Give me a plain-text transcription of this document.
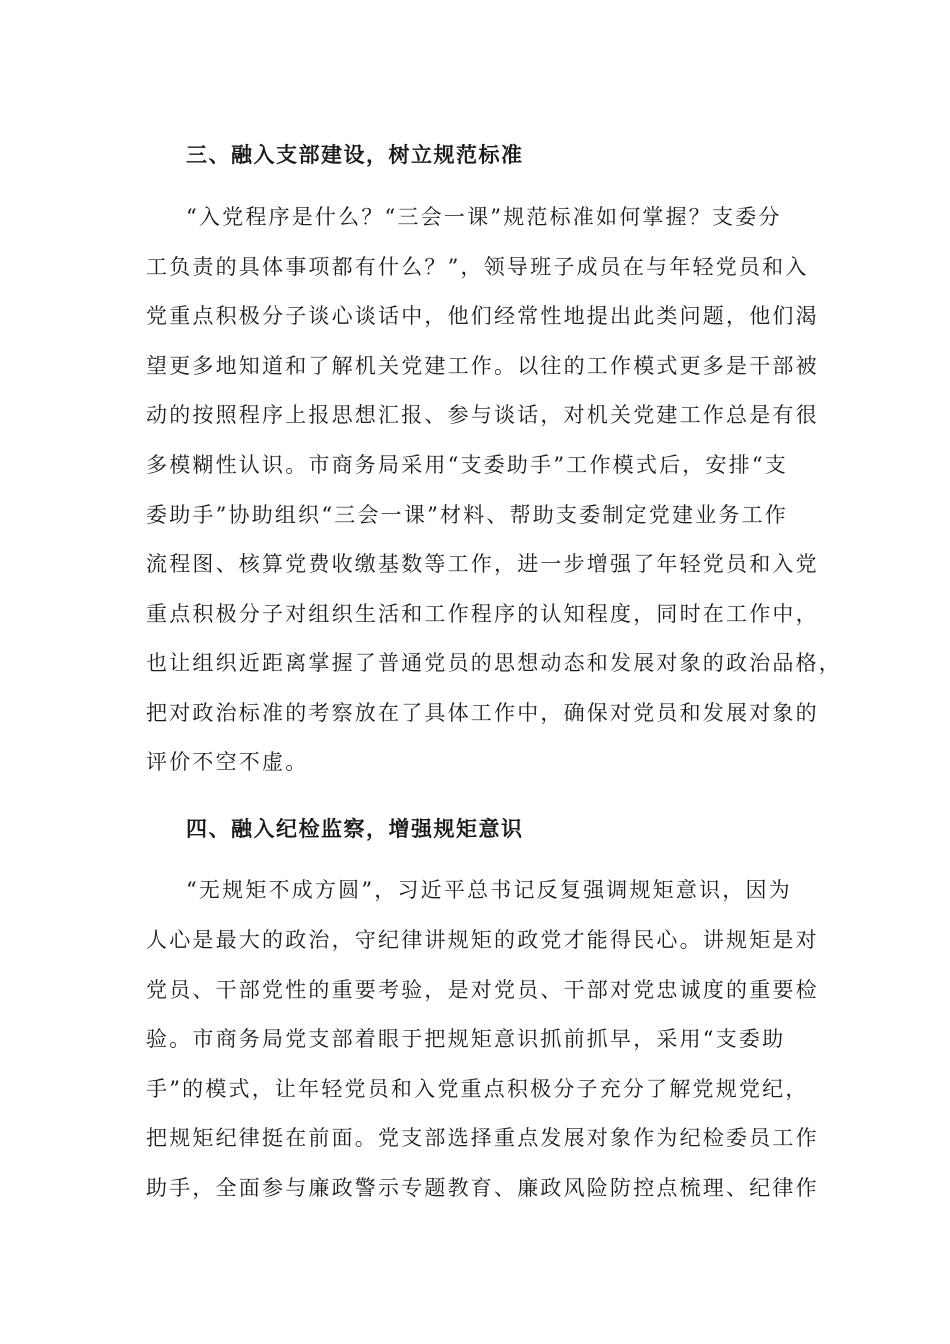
三、融入支部建设，树立规范标准
“入党程序是什么？“三会一课”规范标准如何掌握？支委分
工负责的具体事项都有什么？”，领导班子成员在与年轻党员和入
党重点积极分子谈心谈话中，他们经常性地提出此类问题，他们渴
望更多地知道和了解机关党建工作。以往的工作模式更多是干部被
动的按照程序上报思想汇报、参与谈话，对机关党建工作总是有很
多模糊性认识。市商务局采用“支委助手”工作模式后，安排“支
委助手”协助组织“三会一课”材料、帮助支委制定党建业务工作
流程图、核算党费收缴基数等工作，进一步增强了年轻党员和入党
重点积极分子对组织生活和工作程序的认知程度，同时在工作中，
也让组织近距离掌握了普通党员的思想动态和发展对象的政治品格，
把对政治标准的考察放在了具体工作中，确保对党员和发展对象的
评价不空不虚。
四、融入纪检监察，增强规矩意识
“无规矩不成方圆”，习近平总书记反复强调规矩意识，因为
人心是最大的政治，守纪律讲规矩的政党才能得民心。讲规矩是对
党员、干部党性的重要考验，是对党员、干部对党忠诚度的重要检
验。市商务局党支部着眼于把规矩意识抓前抓早，采用“支委助
手”的模式，让年轻党员和入党重点积极分子充分了解党规党纪，
把规矩纪律挺在前面。党支部选择重点发展对象作为纪检委员工作
助手，全面参与廉政警示专题教育、廉政风险防控点梳理、纪律作
